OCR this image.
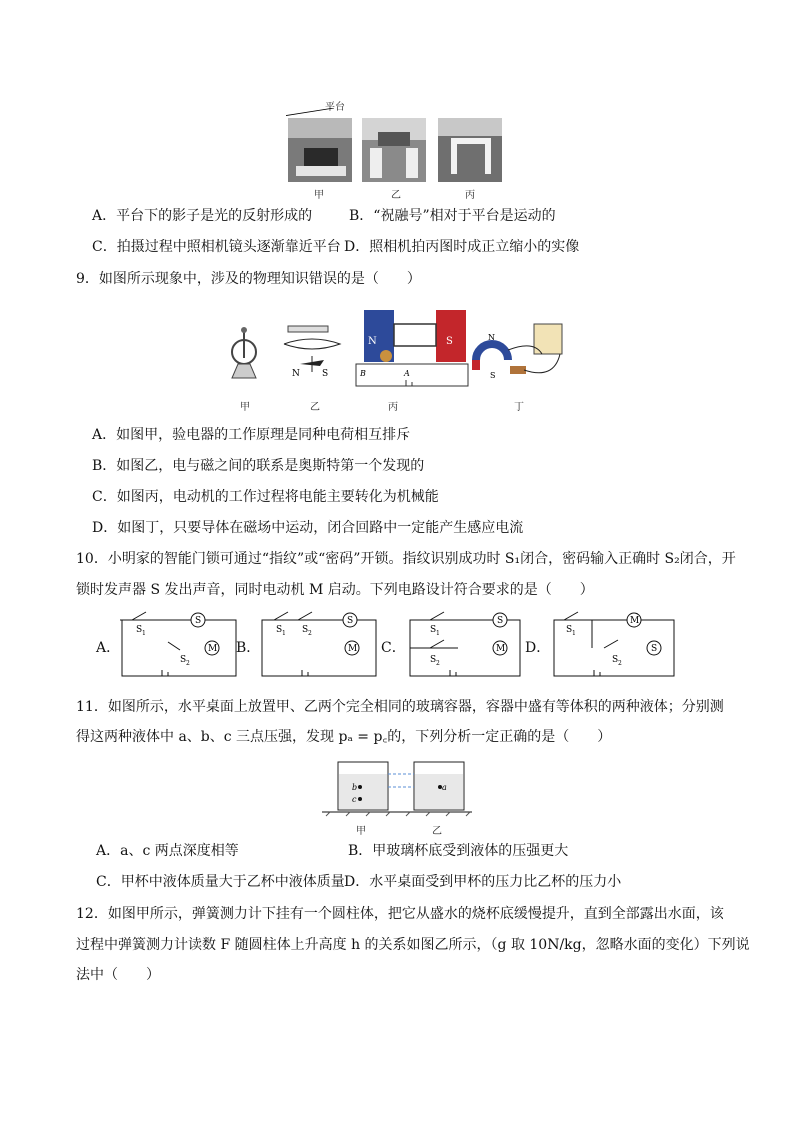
平台
甲	乙	丙
A．平台下的影子是光的反射形成的	B．“祝融号”相对于平台是运动的
C．拍摄过程中照相机镜头逐渐靠近平台 D．照相机拍丙图时成正立缩小的实像
9．如图所示现象中，涉及的物理知识错误的是（　　）
N S
N	S
B	A
N
S
甲	乙	丙	丁
A．如图甲，验电器的工作原理是同种电荷相互排斥
B．如图乙，电与磁之间的联系是奥斯特第一个发现的
C．如图丙，电动机的工作过程将电能主要转化为机械能
D．如图丁，只要导体在磁场中运动，闭合回路中一定能产生感应电流
10．小明家的智能门锁可通过“指纹”或“密码”开锁。指纹识别成功时 S₁闭合，密码输入正确时 S₂闭合，开
锁时发声器 S 发出声音，同时电动机 M 启动。下列电路设计符合要求的是（　　）
A．	B．	C．	D．
S
M
S 1
S 2
S
M
S 1 S 2
S
M
S 1
S 2
M
S
S 1
S 2
11．如图所示，水平桌面上放置甲、乙两个完全相同的玻璃容器，容器中盛有等体积的两种液体；分别测
得这两种液体中 a、b、c 三点压强，发现 pₐ = p꜀的，下列分析一定正确的是（　　）
b
c
a
甲	乙
A．a、c 两点深度相等	B．甲玻璃杯底受到液体的压强更大
C．甲杯中液体质量大于乙杯中液体质量 D．水平桌面受到甲杯的压力比乙杯的压力小
12．如图甲所示，弹簧测力计下挂有一个圆柱体，把它从盛水的烧杯底缓慢提升，直到全部露出水面，该
过程中弹簧测力计读数 F 随圆柱体上升高度 h 的关系如图乙所示，（g 取 10N/kg，忽略水面的变化）下列说
法中（　　）
